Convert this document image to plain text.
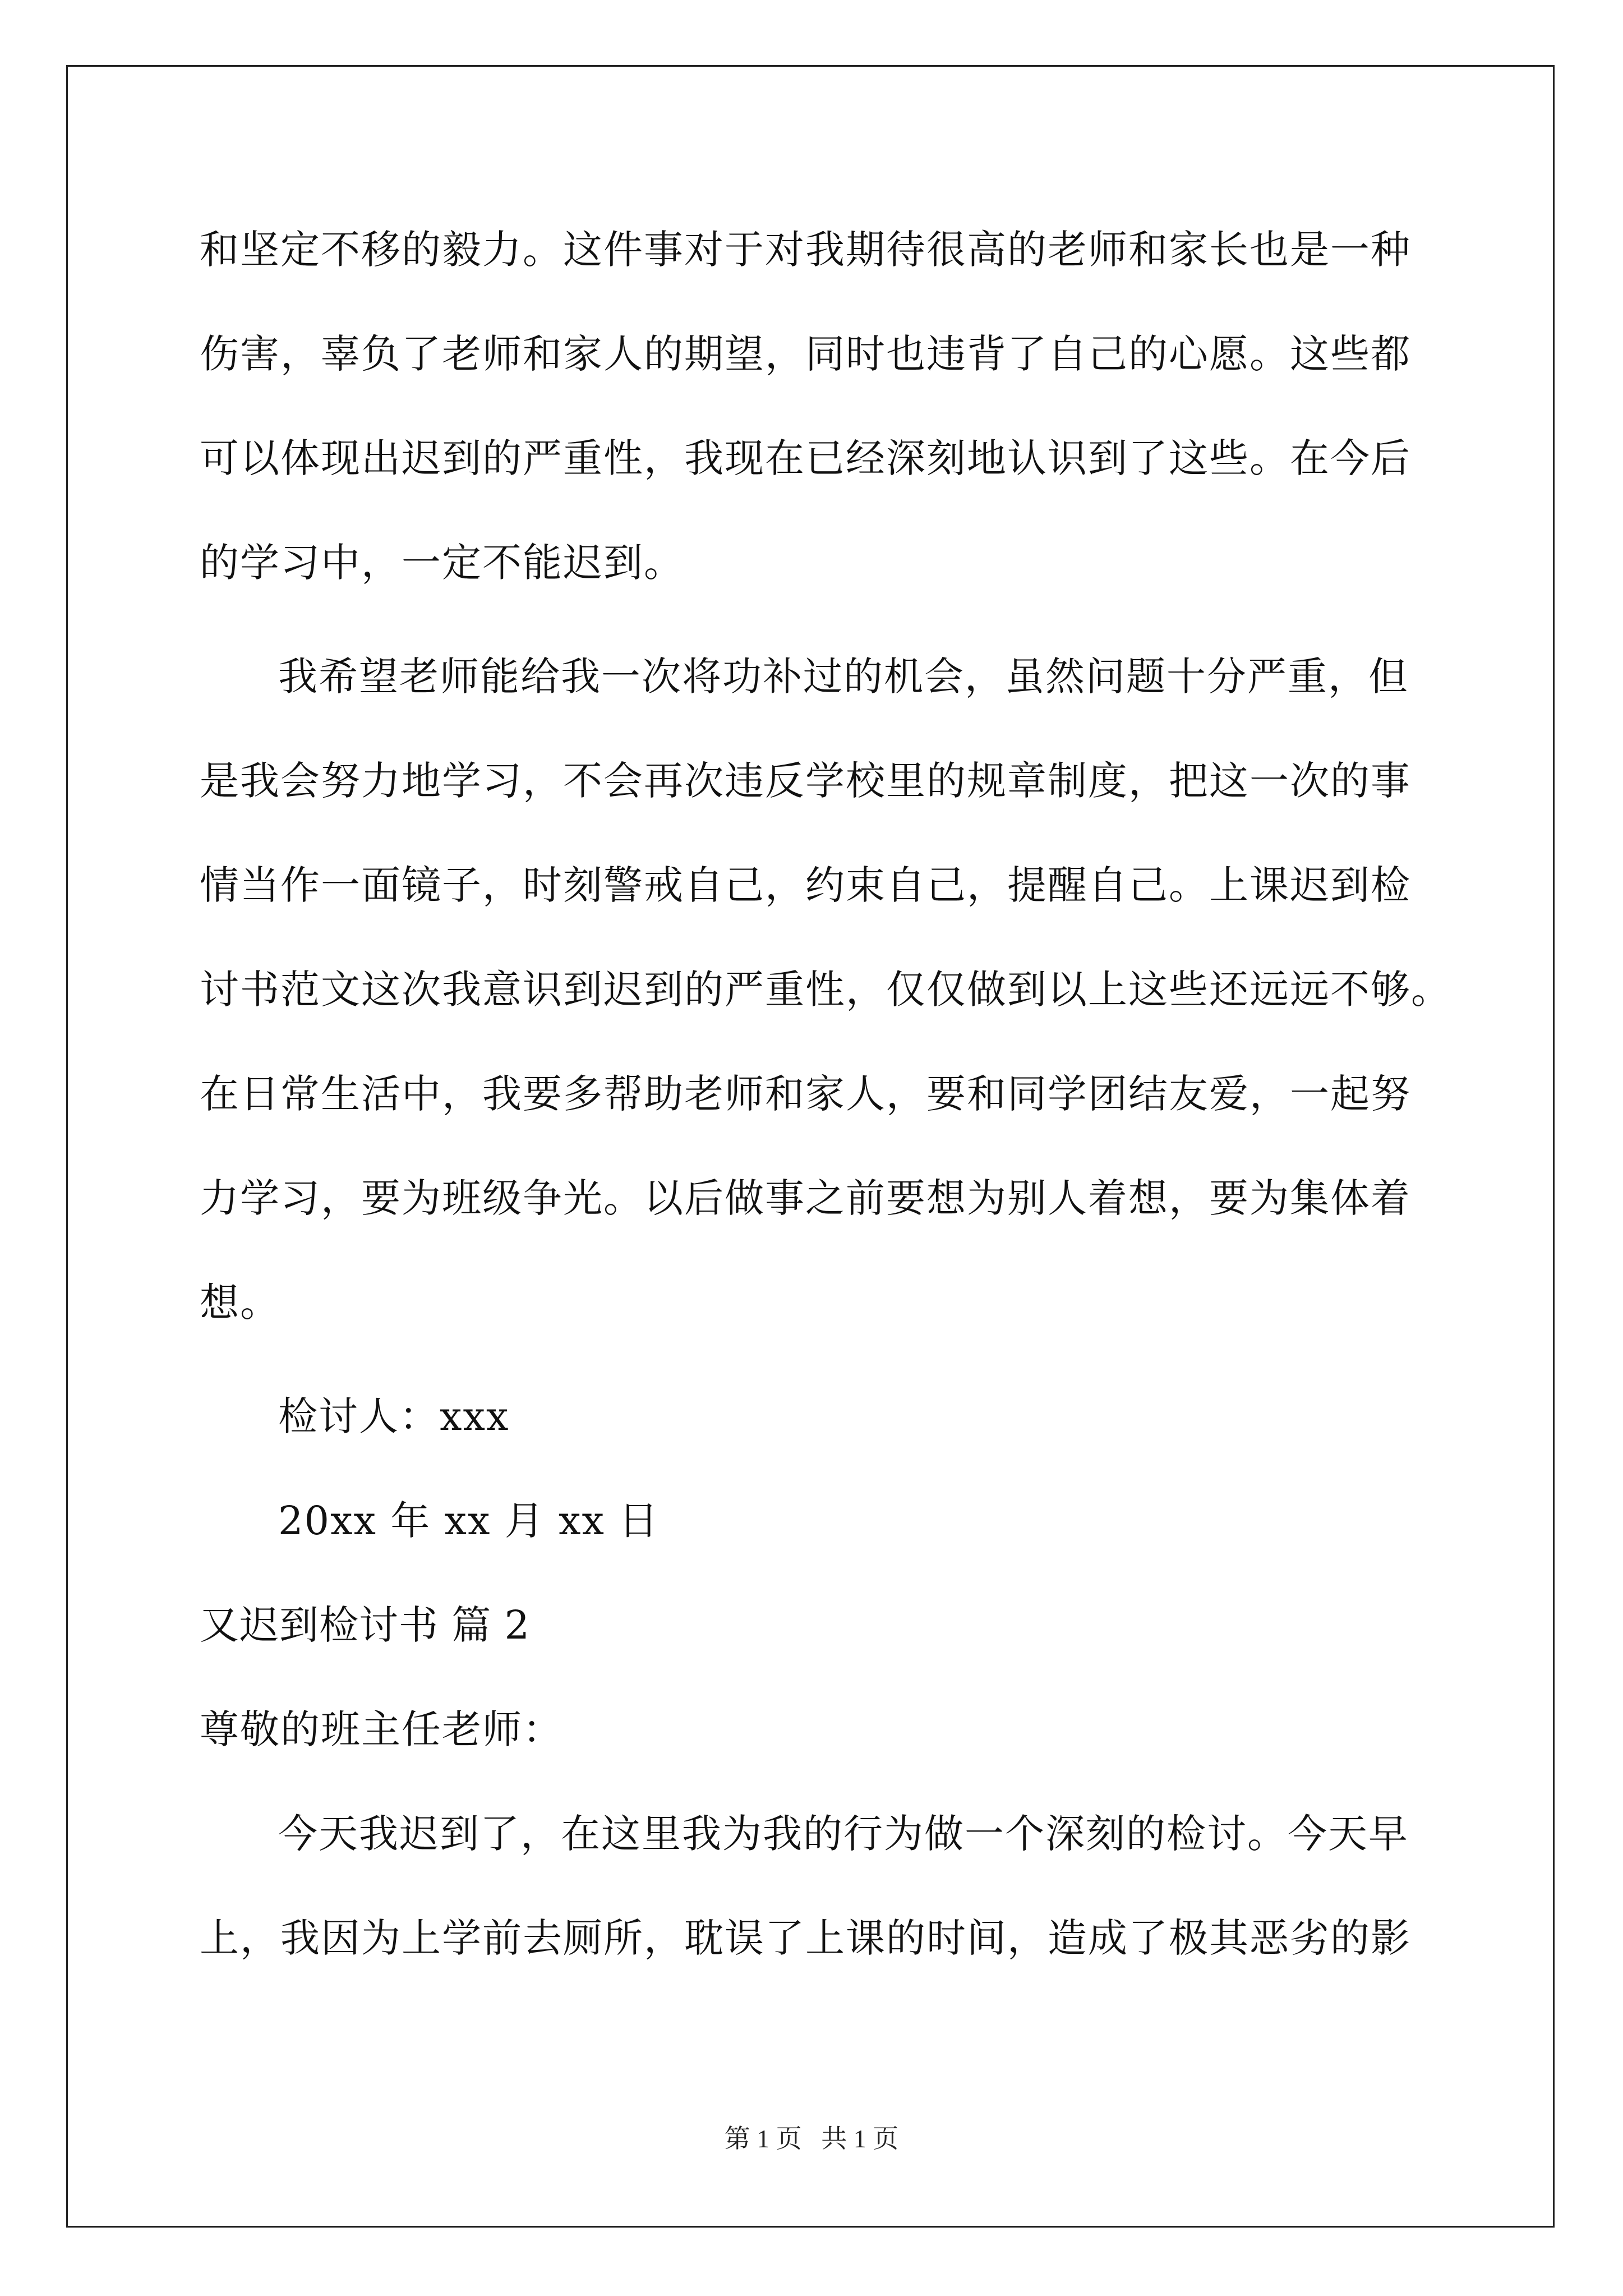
和坚定不移的毅力。这件事对于对我期待很高的老师和家长也是一种
伤害，辜负了老师和家人的期望，同时也违背了自己的心愿。这些都
可以体现出迟到的严重性，我现在已经深刻地认识到了这些。在今后
的学习中，一定不能迟到。
我希望老师能给我一次将功补过的机会，虽然问题十分严重，但
是我会努力地学习，不会再次违反学校里的规章制度，把这一次的事
情当作一面镜子，时刻警戒自己，约束自己，提醒自己。上课迟到检
讨书范文这次我意识到迟到的严重性，仅仅做到以上这些还远远不够。
在日常生活中，我要多帮助老师和家人，要和同学团结友爱，一起努
力学习，要为班级争光。以后做事之前要想为别人着想，要为集体着
想。
检讨人：xxx
20xx 年 xx 月 xx 日
又迟到检讨书 篇 2
尊敬的班主任老师：
今天我迟到了，在这里我为我的行为做一个深刻的检讨。今天早
上，我因为上学前去厕所，耽误了上课的时间，造成了极其恶劣的影
第 1 页   共 1 页
